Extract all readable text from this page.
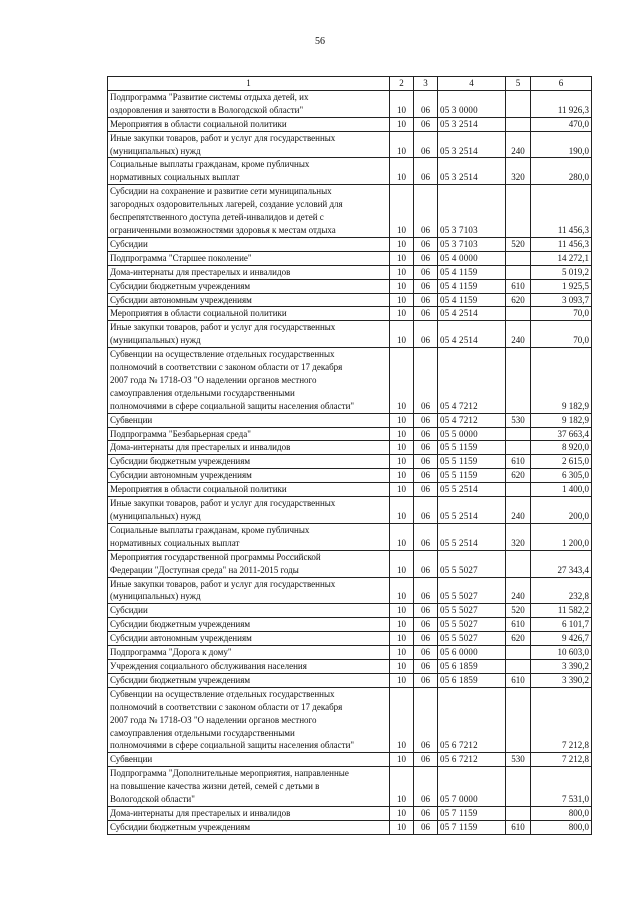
56
1	2	3	4	5	6
Подпрограмма "Развитие системы отдыха детей, их
оздоровления и занятости в Вологодской области"	10	06	05 3 0000		11 926,3
Мероприятия в области социальной политики	10	06	05 3 2514		470,0
Иные закупки товаров, работ и услуг для государственных
(муниципальных) нужд	10	06	05 3 2514	240	190,0
Социальные выплаты гражданам, кроме публичных
нормативных социальных выплат	10	06	05 3 2514	320	280,0
Субсидии на сохранение и развитие сети муниципальных
загородных оздоровительных лагерей, создание условий для
беспрепятственного доступа детей-инвалидов и детей с
ограниченными возможностями здоровья к местам отдыха	10	06	05 3 7103		11 456,3
Субсидии	10	06	05 3 7103	520	11 456,3
Подпрограмма "Старшее поколение"	10	06	05 4 0000		14 272,1
Дома-интернаты для престарелых и инвалидов	10	06	05 4 1159		5 019,2
Субсидии бюджетным учреждениям	10	06	05 4 1159	610	1 925,5
Субсидии автономным учреждениям	10	06	05 4 1159	620	3 093,7
Мероприятия в области социальной политики	10	06	05 4 2514		70,0
Иные закупки товаров, работ и услуг для государственных
(муниципальных) нужд	10	06	05 4 2514	240	70,0
Субвенции на осуществление отдельных государственных
полномочий в соответствии с законом области от 17 декабря
2007 года № 1718-ОЗ "О наделении органов местного
самоуправления отдельными государственными
полномочиями в сфере социальной защиты населения области"	10	06	05 4 7212		9 182,9
Субвенции	10	06	05 4 7212	530	9 182,9
Подпрограмма "Безбарьерная среда"	10	06	05 5 0000		37 663,4
Дома-интернаты для престарелых и инвалидов	10	06	05 5 1159		8 920,0
Субсидии бюджетным учреждениям	10	06	05 5 1159	610	2 615,0
Субсидии автономным учреждениям	10	06	05 5 1159	620	6 305,0
Мероприятия в области социальной политики	10	06	05 5 2514		1 400,0
Иные закупки товаров, работ и услуг для государственных
(муниципальных) нужд	10	06	05 5 2514	240	200,0
Социальные выплаты гражданам, кроме публичных
нормативных социальных выплат	10	06	05 5 2514	320	1 200,0
Мероприятия государственной программы Российской
Федерации "Доступная среда" на 2011-2015 годы	10	06	05 5 5027		27 343,4
Иные закупки товаров, работ и услуг для государственных
(муниципальных) нужд	10	06	05 5 5027	240	232,8
Субсидии	10	06	05 5 5027	520	11 582,2
Субсидии бюджетным учреждениям	10	06	05 5 5027	610	6 101,7
Субсидии автономным учреждениям	10	06	05 5 5027	620	9 426,7
Подпрограмма "Дорога к дому"	10	06	05 6 0000		10 603,0
Учреждения социального обслуживания населения	10	06	05 6 1859		3 390,2
Субсидии бюджетным учреждениям	10	06	05 6 1859	610	3 390,2
Субвенции на осуществление отдельных государственных
полномочий в соответствии с законом области от 17 декабря
2007 года № 1718-ОЗ "О наделении органов местного
самоуправления отдельными государственными
полномочиями в сфере социальной защиты населения области"	10	06	05 6 7212		7 212,8
Субвенции	10	06	05 6 7212	530	7 212,8
Подпрограмма "Дополнительные мероприятия, направленные
на повышение качества жизни детей, семей с детьми в
Вологодской области"	10	06	05 7 0000		7 531,0
Дома-интернаты для престарелых и инвалидов	10	06	05 7 1159		800,0
Субсидии бюджетным учреждениям	10	06	05 7 1159	610	800,0
